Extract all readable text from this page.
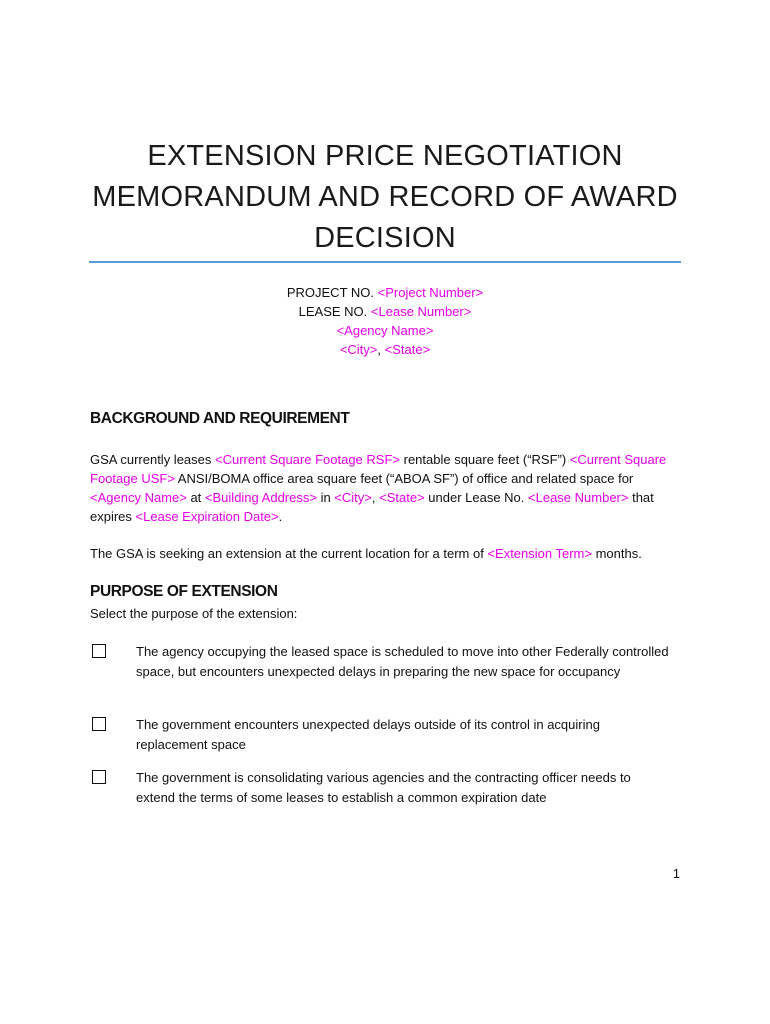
EXTENSION PRICE NEGOTIATION
MEMORANDUM AND RECORD OF AWARD
DECISION
PROJECT NO. <Project Number>
LEASE NO. <Lease Number>
<Agency Name>
<City>, <State>
BACKGROUND AND REQUIREMENT
GSA currently leases <Current Square Footage RSF> rentable square feet (“RSF”) <Current Square Footage USF> ANSI/BOMA office area square feet (“ABOA SF”) of office and related space for <Agency Name> at <Building Address> in <City>, <State> under Lease No. <Lease Number> that expires <Lease Expiration Date>.
The GSA is seeking an extension at the current location for a term of <Extension Term> months.
PURPOSE OF EXTENSION
Select the purpose of the extension:
The agency occupying the leased space is scheduled to move into other Federally controlled space, but encounters unexpected delays in preparing the new space for occupancy
The government encounters unexpected delays outside of its control in acquiring replacement space
The government is consolidating various agencies and the contracting officer needs to extend the terms of some leases to establish a common expiration date
1
